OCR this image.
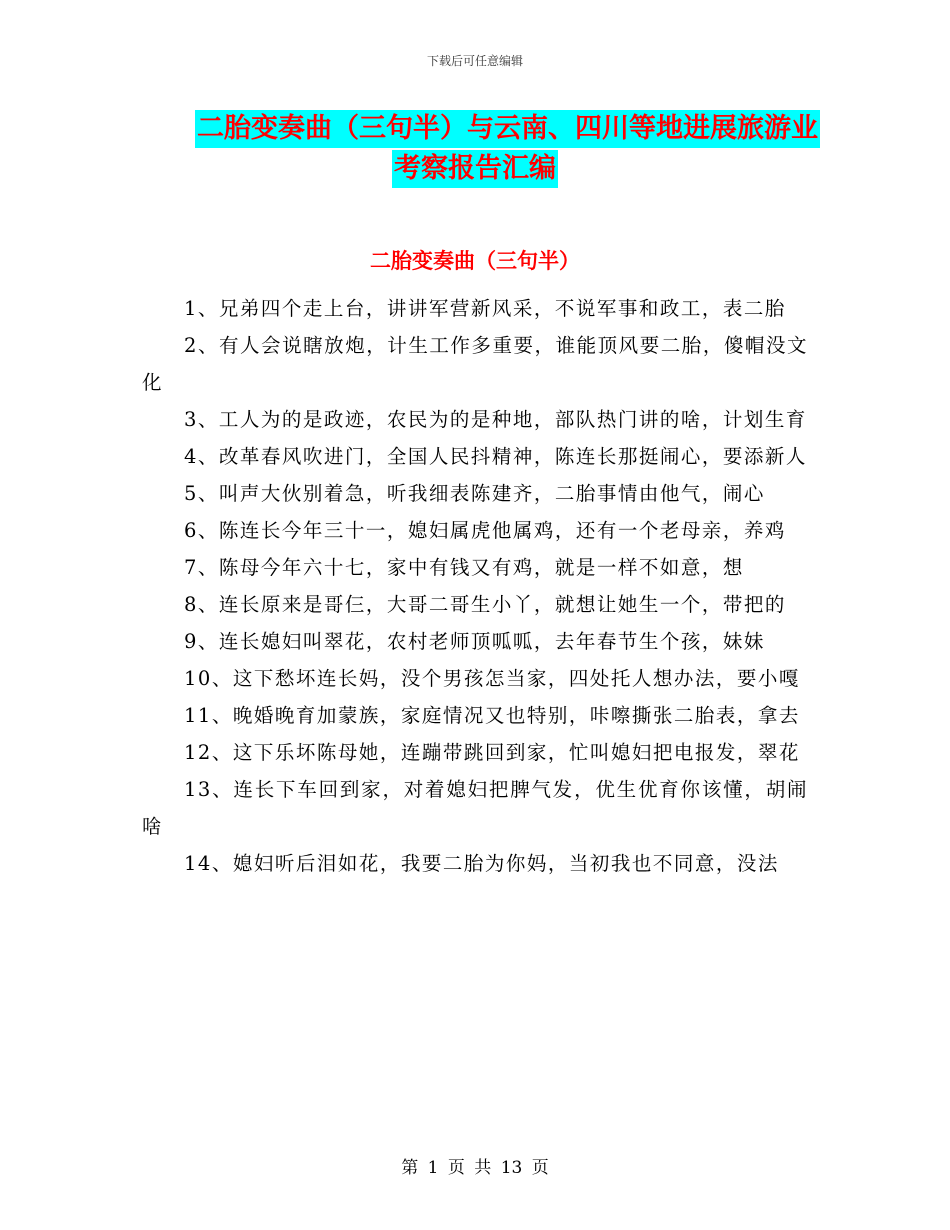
下载后可任意编辑
二胎变奏曲（三句半）与云南、四川等地进展旅游业
考察报告汇编
二胎变奏曲（三句半）

1、兄弟四个走上台，讲讲军营新风采，不说军事和政工，表二胎

2、有人会说瞎放炮，计生工作多重要，谁能顶风要二胎，傻帽没文化

3、工人为的是政迹，农民为的是种地，部队热门讲的啥，计划生育

4、改革春风吹进门，全国人民抖精神，陈连长那挺闹心，要添新人

5、叫声大伙别着急，听我细表陈建齐，二胎事情由他气，闹心

6、陈连长今年三十一，媳妇属虎他属鸡，还有一个老母亲，养鸡

7、陈母今年六十七，家中有钱又有鸡，就是一样不如意，想

8、连长原来是哥仨，大哥二哥生小丫，就想让她生一个，带把的

9、连长媳妇叫翠花，农村老师顶呱呱，去年春节生个孩，妹妹

10、这下愁坏连长妈，没个男孩怎当家，四处托人想办法，要小嘎

11、晚婚晚育加蒙族，家庭情况又也特别，咔嚓撕张二胎表，拿去

12、这下乐坏陈母她，连蹦带跳回到家，忙叫媳妇把电报发，翠花

13、连长下车回到家，对着媳妇把脾气发，优生优育你该懂，胡闹啥

14、媳妇听后泪如花，我要二胎为你妈，当初我也不同意，没法

第 1 页 共 13 页
